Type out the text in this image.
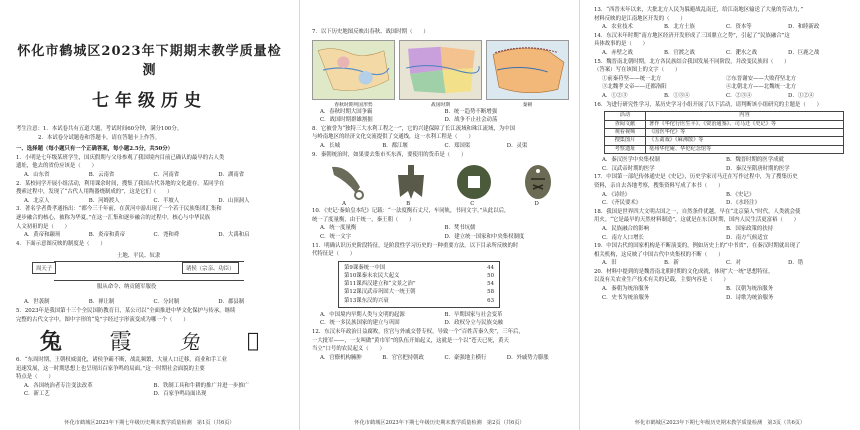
怀化市鹤城区2023年下期期末教学质量检测
七年级历史
考生注意：1．本试卷共有五道大题，考试时间60分钟，满分100分。
2．本试卷分试题卷和答题卡，请在答题卡上作答。
一、选择题（每小题只有一个正确答案，每小题2.5分，共50分）
1．小明是七年级某班学生，国庆假期与父母参观了我国境内目前已确认的最早的古人类
遗址，他去的省份应该是（　　）
A．山东省	B．云南省	C．河南省	D．湖南省
2．某校同学开展小组活动，利用课余时间，搜集了我国古代各地的文化遗存。某同学在
搜索过程中，发现了“古代人用陶器烧制成的”，这是它们（　　）
A．北京人	B．河姆渡人	C．半坡人	D．山顶洞人
3．著名学者费孝通指出：“都今三千年前，在黄河中游出现了一个若干民族集团汇集和
逐步融合的核心，被称为华夏。”在这一汇集和逐步融合的过程中，核心与中华民族
人文初祖的是（　　）
A．黄帝和颛顼	B．炎帝和黄帝	C．尧和舜	D．大禹和启
4．下面示意图反映的制度是（　　）
土地、平民、奴隶
周天子	诸侯（宗亲、功臣）
服从命令、纳贡随军服役
A．世袭制	B．禅让制	C．分封制	D．郡县制
5．2023年是我国第十三个全民国防教育日，某公司以“全面推进中华文化保护与传承，继续
完整的古代文字中，图中字形的“兔”字经过字形演变成为哪一个（　　）
兔 霞 兔 𫊸
6．“东周时期，王朝权威弱化，诸侯争霸不断，战乱频繁，大量人口迁移，商业和手工业
迅速发展，这一时期思想上也呈现出百家争鸣的局面。”这一时期社会面貌的主要
特点是（　　）
A．各国统治者专注变法改革	B．铁制工具和牛耕的推广并进一步推广
C．新工艺	D．百家争鸣局面出现
怀化市鹤城区2023年下期七年级历史期末教学质量检测　第1页（共6页）
7．以下历史地图反映出春秋、战国时期（　　）
春秋时期列国形势	战国时期	秦朝
A．春秋时期大国争霸	B．统一趋势不断增强
C．战国时期群雄割据	D．战争不止社会动荡
8．它被誉为“独特三大水利工程之一”，它的兴建保障了长江流域和珠江流域，为中国
与岭南地区的经济文化交流提供了交通线，这一水利工程是（　　）
A．长城	B．都江堰	C．郑国渠	D．灵渠
9．秦朝统治时，如果要去集市买东西，要使用的货币是（　　）
A	B	C	D
10．《史记·秦始皇本纪》记载：“一法度衡石丈尺，车同轨，书同文字。”从此以后，
统一了度量衡，由于统一，秦王朝（　　）
A．统一度量衡	B．焚书坑儒
C．统一文字	D．建立统一国家和中央集权制度
11．明确认识历史阶段特征，是阶段性学习历史的一种重要方法。以下目录所反映的时
代特征是（　　）
第9课秦统一中国	44
第10课秦末农民大起义	50
第11课西汉建立和“文景之治”	54
第12课汉武帝巩固大一统王朝	58
第13课东汉的兴衰	63
A．中国境内早期人类与文明的起源	B．早期国家与社会变革
C．统一多民族国家的建立与巩固	D．政权分立与民族交融
12．东汉末年政治日益腐败，宦官与外戚交替专权，导致一个“百姓苦秦久矣”，三年后，
一大批军——，一支叫做“黄巾军”的队伍开始起义，这就是一个以“苍天已死，黄天
当立”口号的农民起义（　　）
A．官僚机构臃肿	B．官官把持朝政	C．豪强地主横行	D．外戚势力膨胀
怀化市鹤城区2023年下期七年级历史期末教学质量检测　第2页（共6页）
13．“西晋末年以来，大批北方人民为躲避战乱南迁，给江南地区输送了大量的劳动力，”
材料反映的是江南地区开发的（　　）
A．农业技术	B．北方士族	C．资本等	D．和睦新政
14．东汉末年时期“南方地区经济开发形成了三国鼎立之势”，引起了“民族融合”这
具体故事的是（　　）
A．赤壁之战	B．官渡之战	C．淝水之战	D．巨鹿之战
15．魏晋南北朝时期，北方各民族结合我国发展不同阶段，并改变民族间（　　）
（答案）写在该图上的文字（　　）
①前秦苻坚——统一北方	②东晋谢安——大败苻坚北方
③北魏孝文帝——迁都洛阳	④北朝北方——北魏统一北方
A．①②③	B．①③④	C．②③④	D．①②④
16．为进行研究性学习，某历史学习小组开展了以下活动，请判断该小组研究的主题是（　　）
活动	内容
查阅文献	著作《华佗行医生平》、《资治通鉴》、司马迁《史记》等
观看视频	《国医华佗》等
搜集图片	《五禽戏》《麻沸散》等
考察遗址	亳州华佗庵、华佗纪念馆等
A．秦汉医学中央集权制	B．魏晋时期的医学成就
C．汉武帝时期的医学	D．秦汉至隋唐时期的医学
17．中国第一部纪传体通史是《史记》，历史学家司马迁在写作过程中，为了搜集历史
资料，亲自去各地考察，搜集资料写成了本书（　　）
A．《诗经》	B．《史记》
C．《齐民要术》	D．《水经注》
18．我国是世界四大文明古国之一，自然条件优越，早在“北京猿人”时代，人类就会使
用火。“它是最早的天然材料制造”，这就是在东汉时期，国内人民生活更富裕（　　）
A．民族融合的影响	B．国家政策的扶持
C．南方人口增长	D．南方气候适宜
19．中国古代的国家机构是不断演变的，例如历史上的“中书省”，在秦汉时期就出现了
相关机构，这反映了中国古代中央集权的不断（　　）
A．旧	B．新	C．对	D．错
20．材料中提到的是魏晋南北朝时期的文化成就，体现“大一统”思想特征，
以及有关农业生产技术有关的记载，主要内容是（　　）
A．秦朝为统治服务	B．汉朝为统治服务
C．史书为统治服务	D．诗歌为统治服务
怀化市鹤城区2023年下期七年级历史期末教学质量检测　第3页（共6页）
